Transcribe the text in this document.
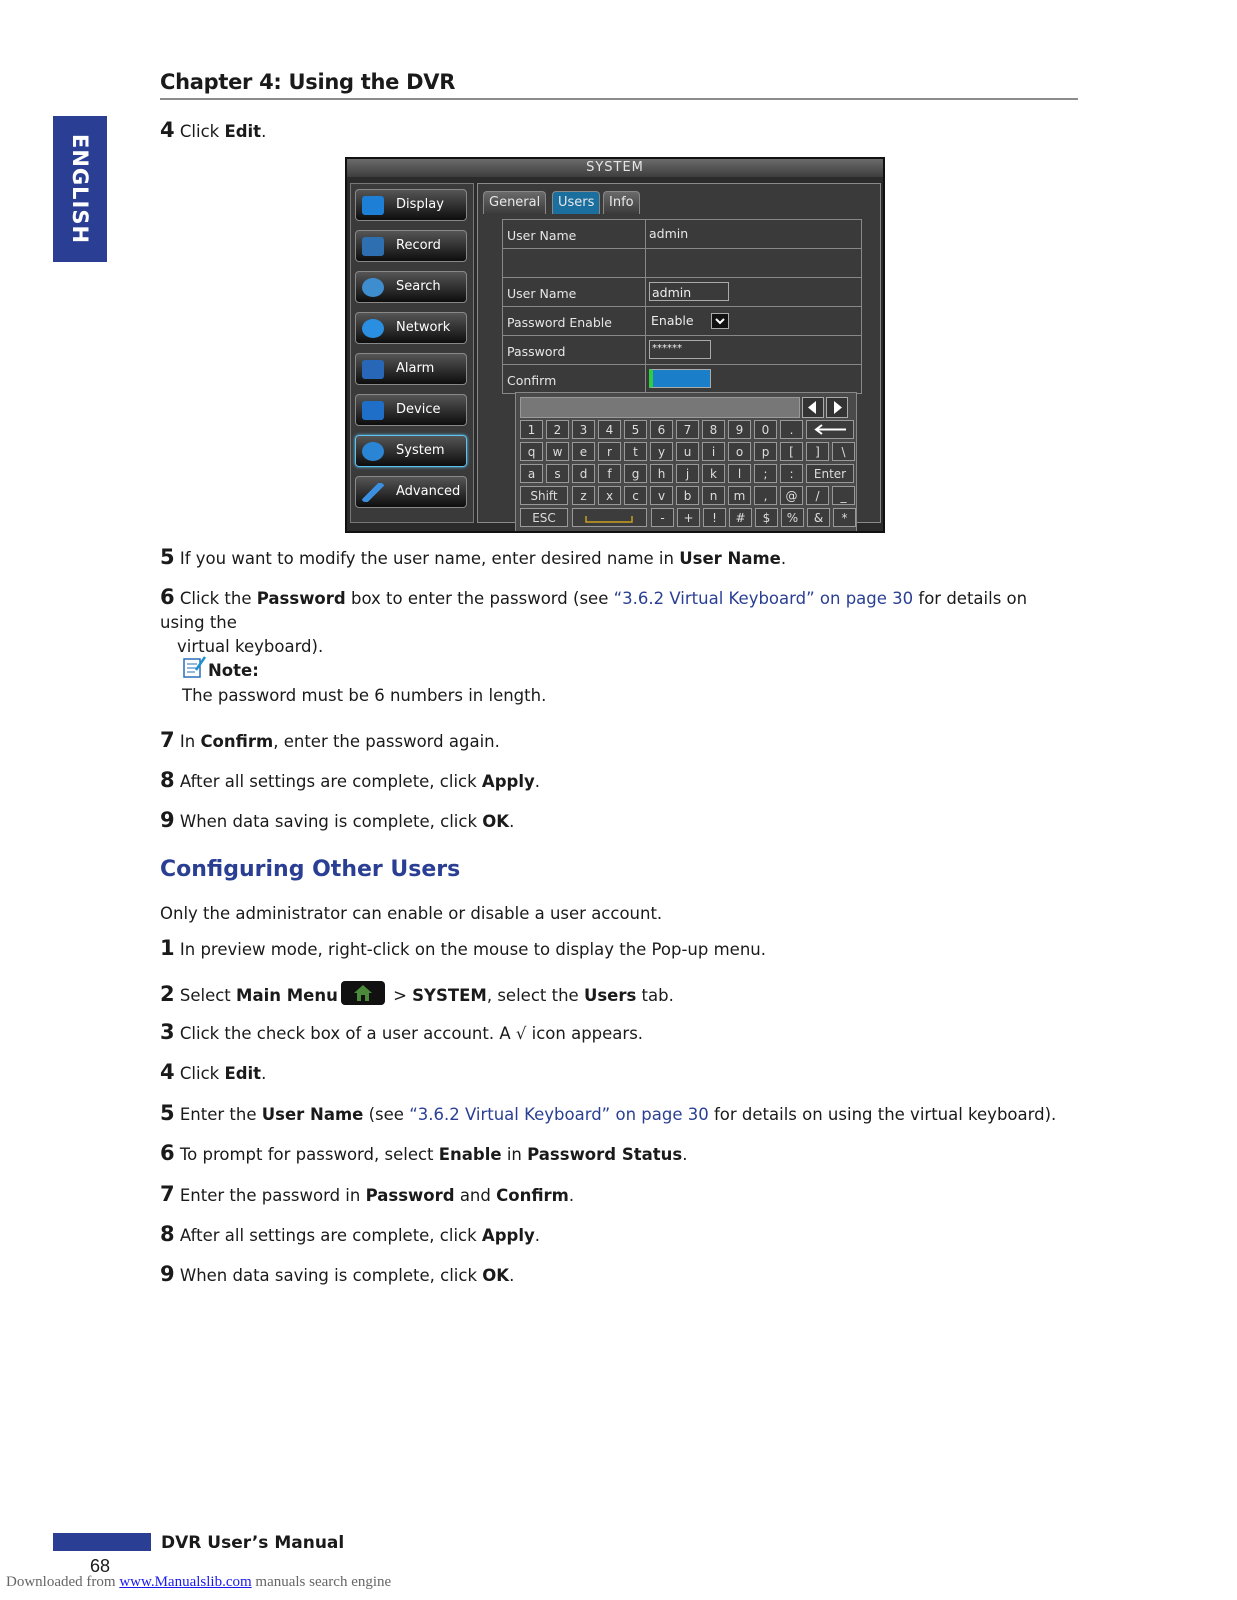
Chapter 4: Using the DVR
ENGLISH
4 Click Edit.
SYSTEM
Display
Record
Search
Network
Alarm
Device
System
Advanced
General	Users	Info
User Name	admin
User Name	admin
Password Enable	Enable
Password	******
Confirm
1	2	3	4	5	6	7	8	9	0	.
q	w	e	r	t	y	u	i	o	p	[	]	\
a	s	d	f	g	h	j	k	l	;	:	Enter
Shift	z	x	c	v	b	n	m	,	@	/	_
ESC	-	+	!	#	$	%	&	*
5 If you want to modify the user name, enter desired name in User Name.
6 Click the Password box to enter the password (see “3.6.2 Virtual Keyboard” on page 30 for details on using the
virtual keyboard).
Note:
The password must be 6 numbers in length.
7 In Confirm, enter the password again.
8 After all settings are complete, click Apply.
9 When data saving is complete, click OK.
Configuring Other Users
Only the administrator can enable or disable a user account.
1 In preview mode, right-click on the mouse to display the Pop-up menu.
2 Select Main Menu	> SYSTEM, select the Users tab.
3 Click the check box of a user account. A √ icon appears.
4 Click Edit.
5 Enter the User Name (see “3.6.2 Virtual Keyboard” on page 30 for details on using the virtual keyboard).
6 To prompt for password, select Enable in Password Status.
7 Enter the password in Password and Confirm.
8 After all settings are complete, click Apply.
9 When data saving is complete, click OK.
DVR User’s Manual
68
Downloaded from www.Manualslib.com manuals search engine
